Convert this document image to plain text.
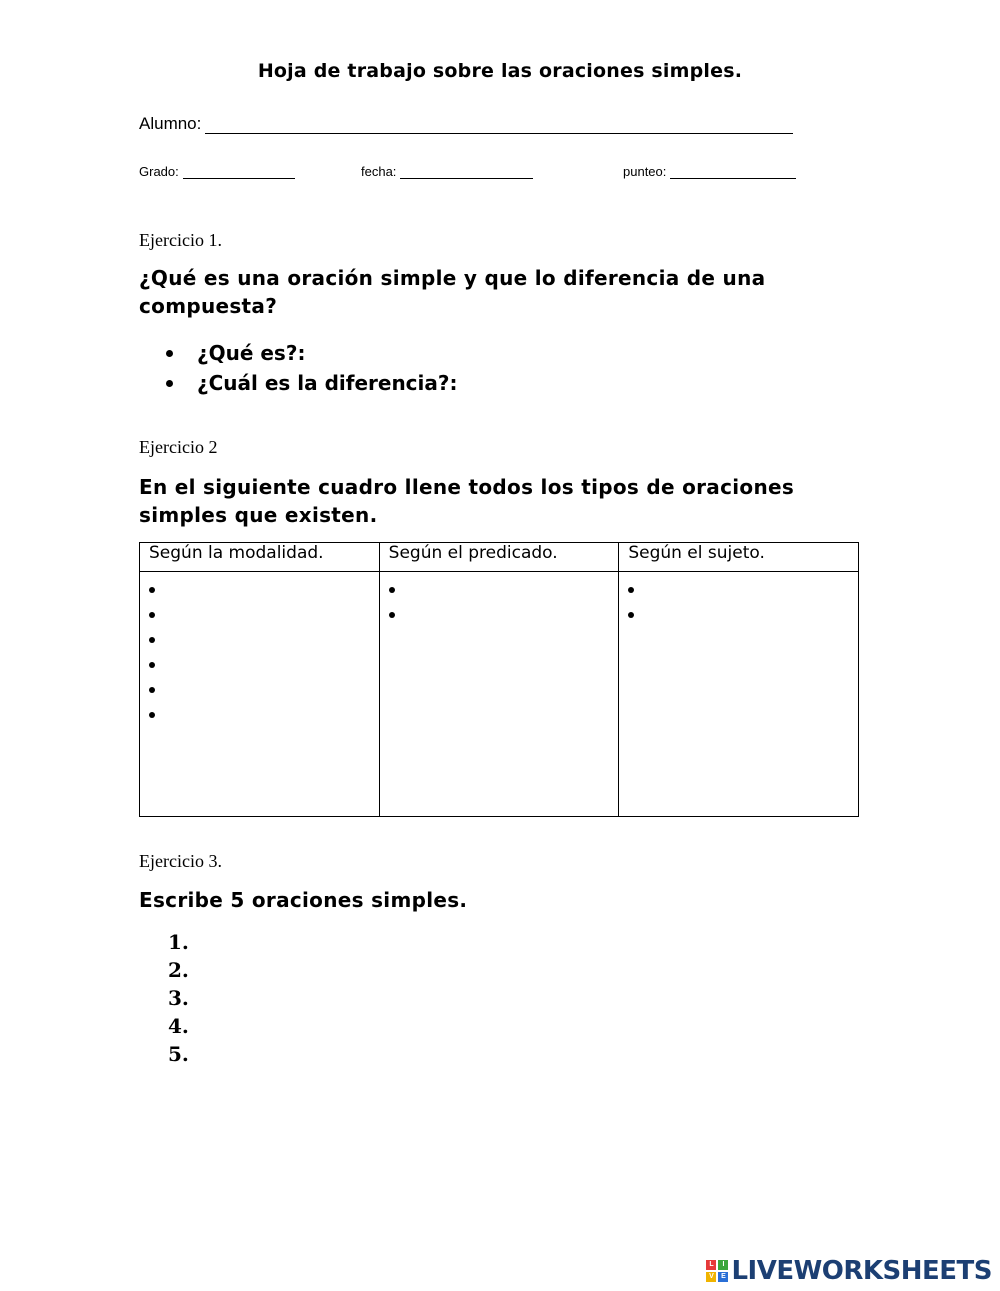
Hoja de trabajo sobre las oraciones simples.
Alumno:
Grado:	fecha:	punteo:
Ejercicio 1.
¿Qué es una oración simple y que lo diferencia de una compuesta?
¿Qué es?:
¿Cuál es la diferencia?:
Ejercicio 2
En el siguiente cuadro llene todos los tipos de oraciones simples que existen.
Según la modalidad.	Según el predicado.	Según el sujeto.

Ejercicio 3.
Escribe 5 oraciones simples.
1.
2.
3.
4.
5.
L	I
V	E LIVEWORKSHEETS
